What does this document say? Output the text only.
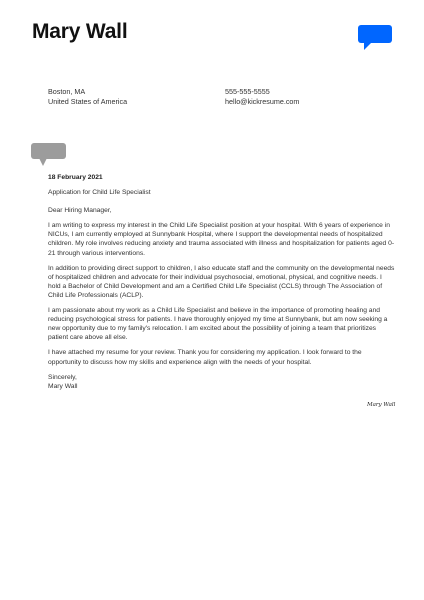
Mary Wall
Boston, MA
United States of America
555-555-5555
hello@kickresume.com

18 February 2021

Application for Child Life Specialist

Dear Hiring Manager,

I am writing to express my interest in the Child Life Specialist position at your hospital. With 6 years of experience in NICUs, I am currently employed at Sunnybank Hospital, where I support the developmental needs of hospitalized children. My role involves reducing anxiety and trauma associated with illness and hospitalization for patients aged 0-21 through various interventions.

In addition to providing direct support to children, I also educate staff and the community on the developmental needs of hospitalized children and advocate for their individual psychosocial, emotional, physical, and cognitive needs. I hold a Bachelor of Child Development and am a Certified Child Life Specialist (CCLS) through The Association of Child Life Professionals (ACLP).

I am passionate about my work as a Child Life Specialist and believe in the importance of promoting healing and reducing psychological stress for patients. I have thoroughly enjoyed my time at Sunnybank, but am now seeking a new opportunity due to my family's relocation. I am excited about the possibility of joining a team that prioritizes patient care above all else.

I have attached my resume for your review. Thank you for considering my application. I look forward to the opportunity to discuss how my skills and experience align with the needs of your hospital.

Sincerely,
Mary Wall
Mary Wall
